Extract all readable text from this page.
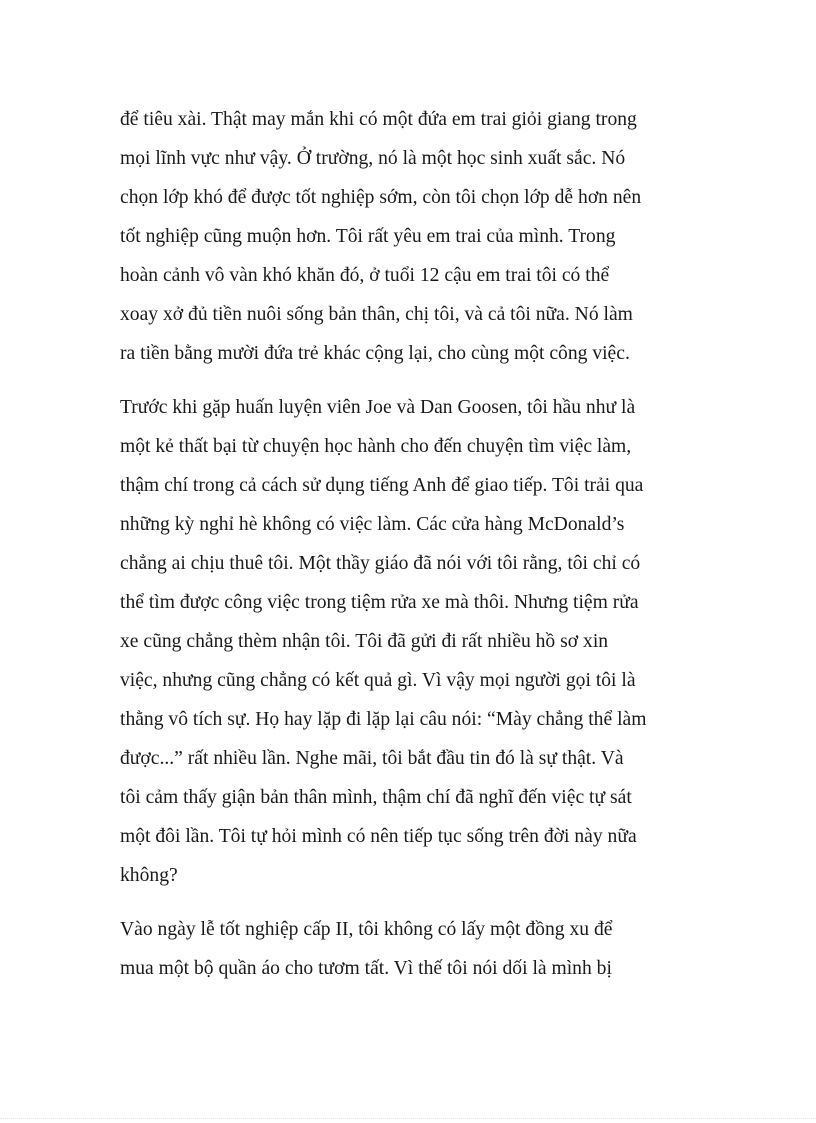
để tiêu xài. Thật may mắn khi có một đứa em trai giỏi giang trong
mọi lĩnh vực như vậy. Ở trường, nó là một học sinh xuất sắc. Nó
chọn lớp khó để được tốt nghiệp sớm, còn tôi chọn lớp dễ hơn nên
tốt nghiệp cũng muộn hơn. Tôi rất yêu em trai của mình. Trong
hoàn cảnh vô vàn khó khăn đó, ở tuổi 12 cậu em trai tôi có thể
xoay xở đủ tiền nuôi sống bản thân, chị tôi, và cả tôi nữa. Nó làm
ra tiền bằng mười đứa trẻ khác cộng lại, cho cùng một công việc.
Trước khi gặp huấn luyện viên Joe và Dan Goosen, tôi hầu như là
một kẻ thất bại từ chuyện học hành cho đến chuyện tìm việc làm,
thậm chí trong cả cách sử dụng tiếng Anh để giao tiếp. Tôi trải qua
những kỳ nghỉ hè không có việc làm. Các cửa hàng McDonald’s
chẳng ai chịu thuê tôi. Một thầy giáo đã nói với tôi rằng, tôi chỉ có
thể tìm được công việc trong tiệm rửa xe mà thôi. Nhưng tiệm rửa
xe cũng chẳng thèm nhận tôi. Tôi đã gửi đi rất nhiều hồ sơ xin
việc, nhưng cũng chẳng có kết quả gì. Vì vậy mọi người gọi tôi là
thằng vô tích sự. Họ hay lặp đi lặp lại câu nói: “Mày chẳng thể làm
được...” rất nhiều lần. Nghe mãi, tôi bắt đầu tin đó là sự thật. Và
tôi cảm thấy giận bản thân mình, thậm chí đã nghĩ đến việc tự sát
một đôi lần. Tôi tự hỏi mình có nên tiếp tục sống trên đời này nữa
không?
Vào ngày lễ tốt nghiệp cấp II, tôi không có lấy một đồng xu để
mua một bộ quần áo cho tươm tất. Vì thế tôi nói dối là mình bị
